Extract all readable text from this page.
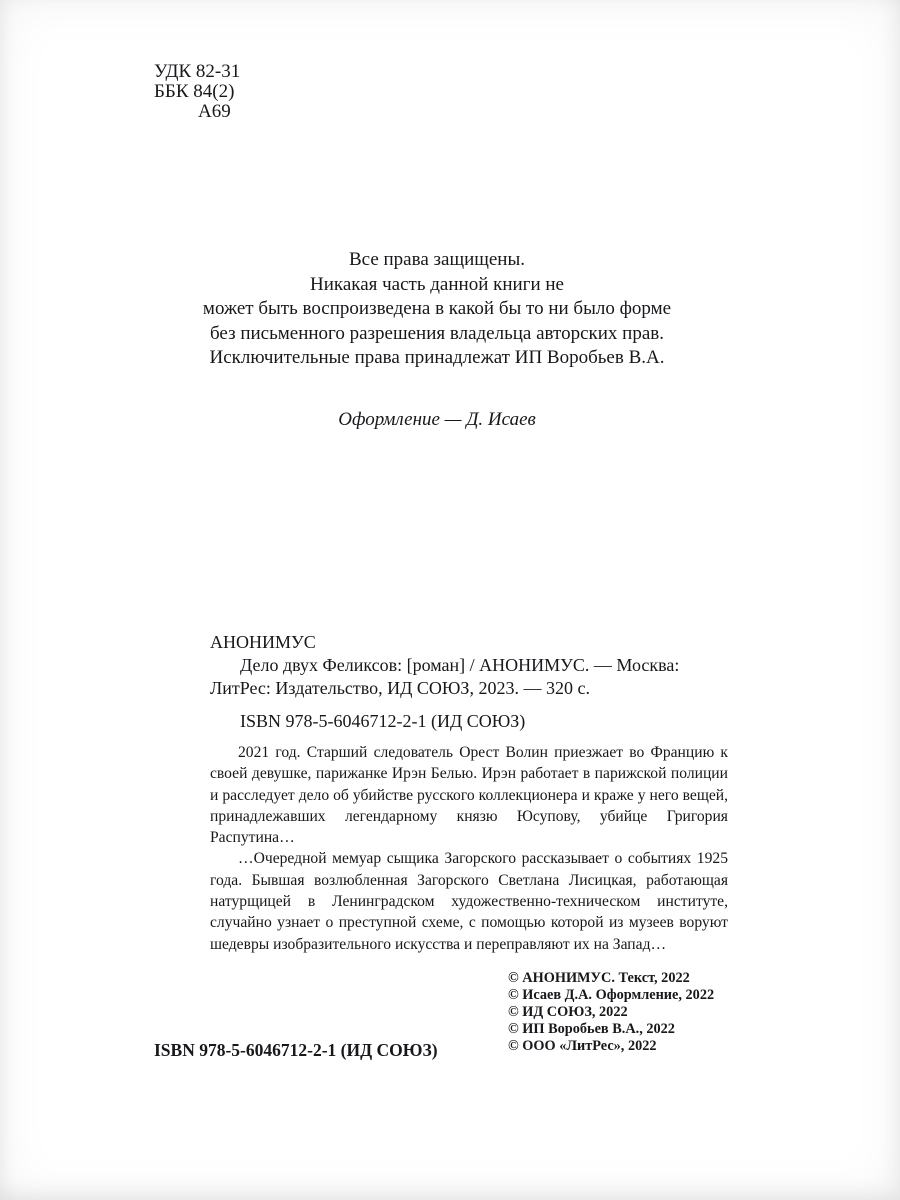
УДК 82-31
ББК 84(2)
А69
Все права защищены.
Никакая часть данной книги не
может быть воспроизведена в какой бы то ни было форме
без письменного разрешения владельца авторских прав.
Исключительные права принадлежат ИП Воробьев В.А.
Оформление — Д. Исаев
АНОНИМУС
Дело двух Феликсов: [роман] / АНОНИМУС. — Москва:
ЛитРес: Издательство, ИД СОЮЗ, 2023. — 320 с.
ISBN 978-5-6046712-2-1 (ИД СОЮЗ)

2021 год. Старший следователь Орест Волин приезжает во Францию к своей девушке, парижанке Ирэн Белью. Ирэн работает в парижской полиции и расследует дело об убийстве русского коллекционера и краже у него вещей, принадлежавших легендарному князю Юсупову, убийце Григория Распутина…

…Очередной мемуар сыщика Загорского рассказывает о событиях 1925 года. Бывшая возлюбленная Загорского Светлана Лисицкая, работающая натурщицей в Ленинградском художественно-техническом институте, случайно узнает о преступной схеме, с помощью которой из музеев воруют шедевры изобразительного искусства и переправляют их на Запад…

© АНОНИМУС. Текст, 2022
© Исаев Д.А. Оформление, 2022
© ИД СОЮЗ, 2022
© ИП Воробьев В.А., 2022
© ООО «ЛитРес», 2022
ISBN 978-5-6046712-2-1 (ИД СОЮЗ)
